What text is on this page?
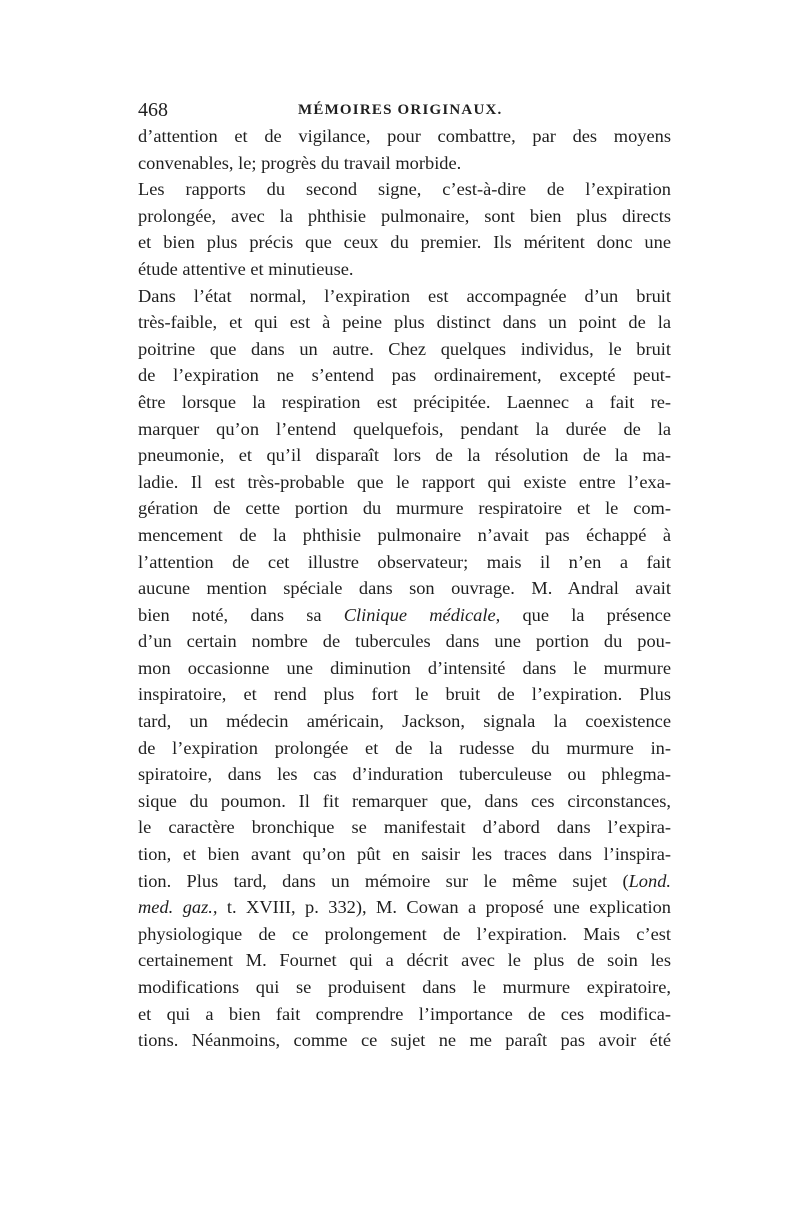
468	MÉMOIRES ORIGINAUX.
d’attention et de vigilance, pour combattre, par des moyens
convenables, le; progrès du travail morbide.
Les rapports du second signe, c’est-à-dire de l’expiration
prolongée, avec la phthisie pulmonaire, sont bien plus directs
et bien plus précis que ceux du premier. Ils méritent donc une
étude attentive et minutieuse.
Dans l’état normal, l’expiration est accompagnée d’un bruit
très-faible, et qui est à peine plus distinct dans un point de la
poitrine que dans un autre. Chez quelques individus, le bruit
de l’expiration ne s’entend pas ordinairement, excepté peut-
être lorsque la respiration est précipitée. Laennec a fait re-
marquer qu’on l’entend quelquefois, pendant la durée de la
pneumonie, et qu’il disparaît lors de la résolution de la ma-
ladie. Il est très-probable que le rapport qui existe entre l’exa-
gération de cette portion du murmure respiratoire et le com-
mencement de la phthisie pulmonaire n’avait pas échappé à
l’attention de cet illustre observateur; mais il n’en a fait
aucune mention spéciale dans son ouvrage. M. Andral avait
bien noté, dans sa Clinique médicale, que la présence
d’un certain nombre de tubercules dans une portion du pou-
mon occasionne une diminution d’intensité dans le murmure
inspiratoire, et rend plus fort le bruit de l’expiration. Plus
tard, un médecin américain, Jackson, signala la coexistence
de l’expiration prolongée et de la rudesse du murmure in-
spiratoire, dans les cas d’induration tuberculeuse ou phlegma-
sique du poumon. Il fit remarquer que, dans ces circonstances,
le caractère bronchique se manifestait d’abord dans l’expira-
tion, et bien avant qu’on pût en saisir les traces dans l’inspira-
tion. Plus tard, dans un mémoire sur le même sujet (Lond.
med. gaz., t. XVIII, p. 332), M. Cowan a proposé une explication
physiologique de ce prolongement de l’expiration. Mais c’est
certainement M. Fournet qui a décrit avec le plus de soin les
modifications qui se produisent dans le murmure expiratoire,
et qui a bien fait comprendre l’importance de ces modifica-
tions. Néanmoins, comme ce sujet ne me paraît pas avoir été
